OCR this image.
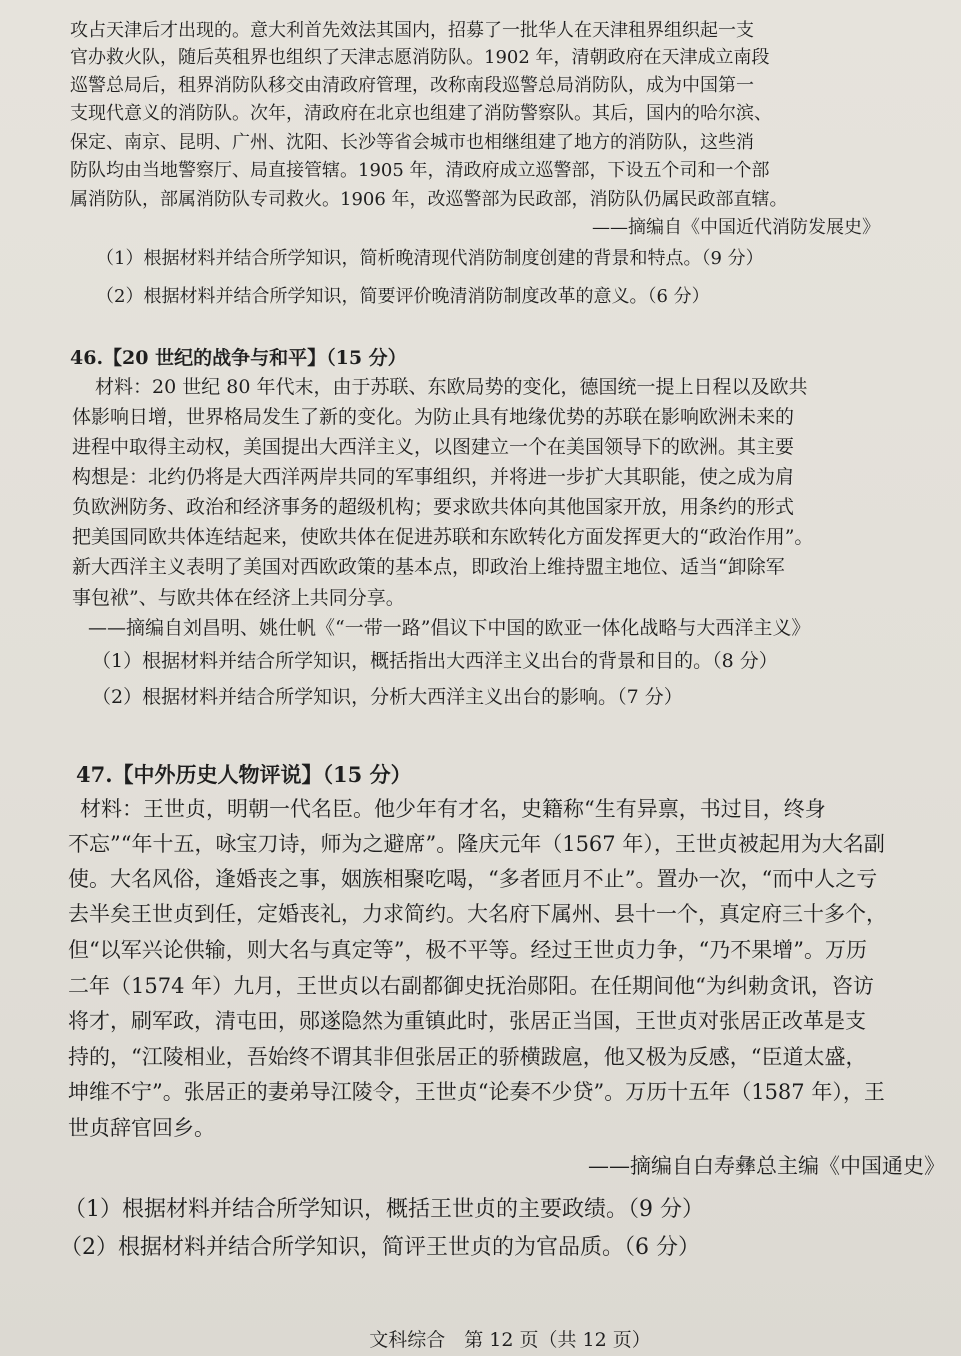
攻占天津后才出现的。意大利首先效法其国内，招募了一批华人在天津租界组织起一支
官办救火队，随后英租界也组织了天津志愿消防队。1902 年，清朝政府在天津成立南段
巡警总局后，租界消防队移交由清政府管理，改称南段巡警总局消防队，成为中国第一
支现代意义的消防队。次年，清政府在北京也组建了消防警察队。其后，国内的哈尔滨、
保定、南京、昆明、广州、沈阳、长沙等省会城市也相继组建了地方的消防队，这些消
防队均由当地警察厅、局直接管辖。1905 年，清政府成立巡警部，下设五个司和一个部
属消防队，部属消防队专司救火。1906 年，改巡警部为民政部，消防队仍属民政部直辖。
——摘编自《中国近代消防发展史》
（1）根据材料并结合所学知识，简析晚清现代消防制度创建的背景和特点。（9 分）
（2）根据材料并结合所学知识，简要评价晚清消防制度改革的意义。（6 分）
46.【20 世纪的战争与和平】（15 分）
材料：20 世纪 80 年代末，由于苏联、东欧局势的变化，德国统一提上日程以及欧共
体影响日增，世界格局发生了新的变化。为防止具有地缘优势的苏联在影响欧洲未来的
进程中取得主动权，美国提出大西洋主义，以图建立一个在美国领导下的欧洲。其主要
构想是：北约仍将是大西洋两岸共同的军事组织，并将进一步扩大其职能，使之成为肩
负欧洲防务、政治和经济事务的超级机构；要求欧共体向其他国家开放，用条约的形式
把美国同欧共体连结起来，使欧共体在促进苏联和东欧转化方面发挥更大的“政治作用”。
新大西洋主义表明了美国对西欧政策的基本点，即政治上维持盟主地位、适当“卸除军
事包袱”、与欧共体在经济上共同分享。
——摘编自刘昌明、姚仕帆《“一带一路”倡议下中国的欧亚一体化战略与大西洋主义》
（1）根据材料并结合所学知识，概括指出大西洋主义出台的背景和目的。（8 分）
（2）根据材料并结合所学知识，分析大西洋主义出台的影响。（7 分）
47.【中外历史人物评说】（15 分）
材料：王世贞，明朝一代名臣。他少年有才名，史籍称“生有异禀，书过目，终身
不忘”“年十五，咏宝刀诗，师为之避席”。隆庆元年（1567 年），王世贞被起用为大名副
使。大名风俗，逢婚丧之事，姻族相聚吃喝，“多者匝月不止”。置办一次，“而中人之亏
去半矣王世贞到任，定婚丧礼，力求简约。大名府下属州、县十一个，真定府三十多个，
但“以军兴论供输，则大名与真定等”，极不平等。经过王世贞力争，“乃不果增”。万历
二年（1574 年）九月，王世贞以右副都御史抚治郧阳。在任期间他“为纠勅贪讯，咨访
将才，刷军政，清屯田，郧遂隐然为重镇此时，张居正当国，王世贞对张居正改革是支
持的，“江陵相业，吾始终不谓其非但张居正的骄横跋扈，他又极为反感，“臣道太盛，
坤维不宁”。张居正的妻弟导江陵令，王世贞“论奏不少贷”。万历十五年（1587 年），王
世贞辞官回乡。
——摘编自白寿彝总主编《中国通史》
（1）根据材料并结合所学知识，概括王世贞的主要政绩。（9 分）
（2）根据材料并结合所学知识，简评王世贞的为官品质。（6 分）
文科综合　第 12 页（共 12 页）
